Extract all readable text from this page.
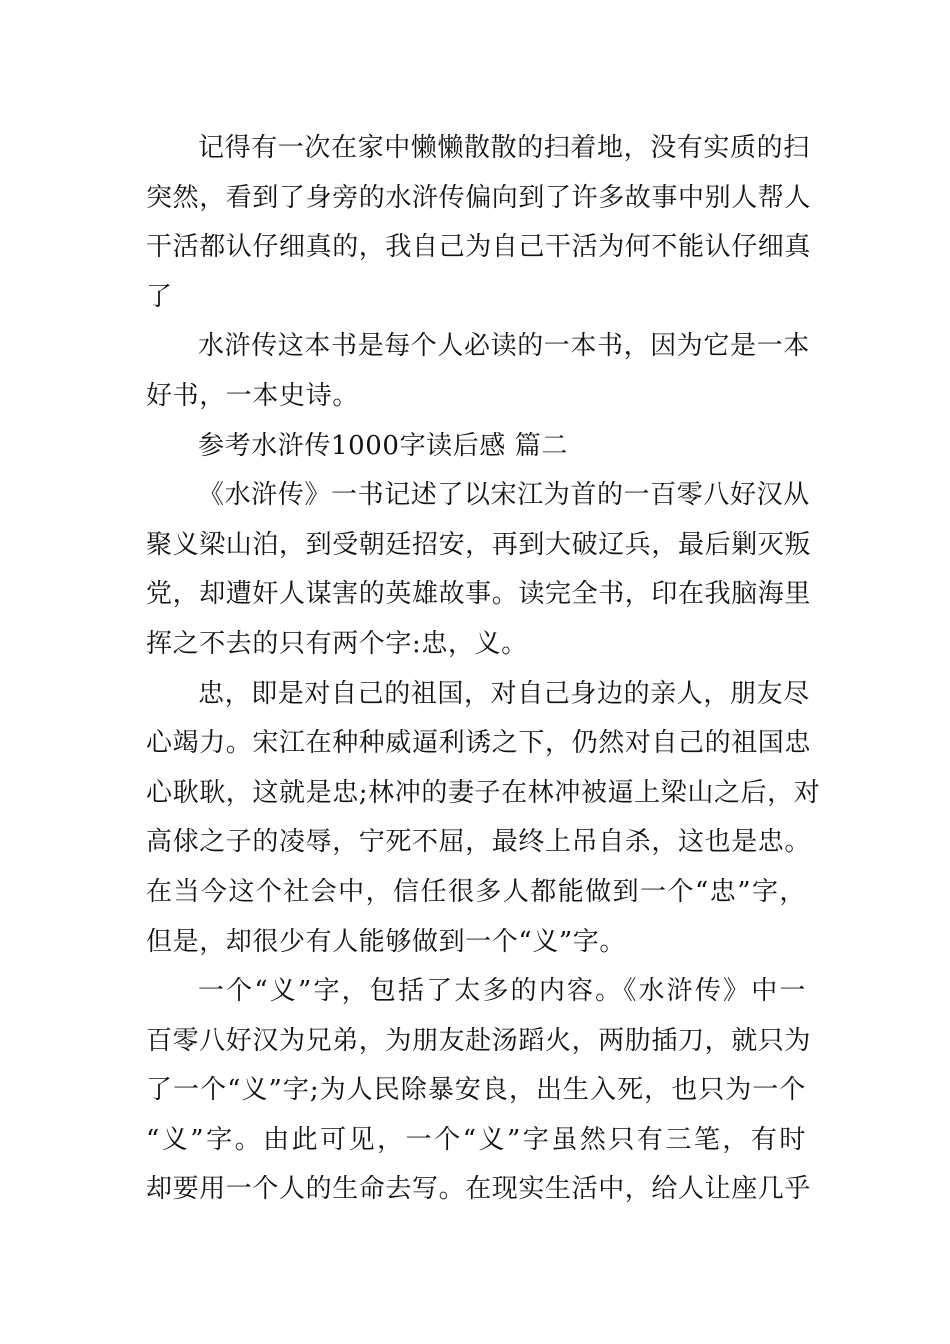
记得有一次在家中懒懒散散的扫着地，没有实质的扫
突然，看到了身旁的水浒传偏向到了许多故事中别人帮人
干活都认仔细真的，我自己为自己干活为何不能认仔细真
了
水浒传这本书是每个人必读的一本书，因为它是一本
好书，一本史诗。
参考水浒传1000字读后感 篇二
《水浒传》一书记述了以宋江为首的一百零八好汉从
聚义梁山泊，到受朝廷招安，再到大破辽兵，最后剿灭叛
党，却遭奸人谋害的英雄故事。读完全书，印在我脑海里
挥之不去的只有两个字:忠，义。
忠，即是对自己的祖国，对自己身边的亲人，朋友尽
心竭力。宋江在种种威逼利诱之下，仍然对自己的祖国忠
心耿耿，这就是忠;林冲的妻子在林冲被逼上梁山之后，对
高俅之子的凌辱，宁死不屈，最终上吊自杀，这也是忠。
在当今这个社会中，信任很多人都能做到一个“忠”字，
但是，却很少有人能够做到一个“义”字。
一个“义”字，包括了太多的内容。《水浒传》中一
百零八好汉为兄弟，为朋友赴汤蹈火，两肋插刀，就只为
了一个“义”字;为人民除暴安良，出生入死，也只为一个
“义”字。由此可见，一个“义”字虽然只有三笔，有时
却要用一个人的生命去写。在现实生活中，给人让座几乎
